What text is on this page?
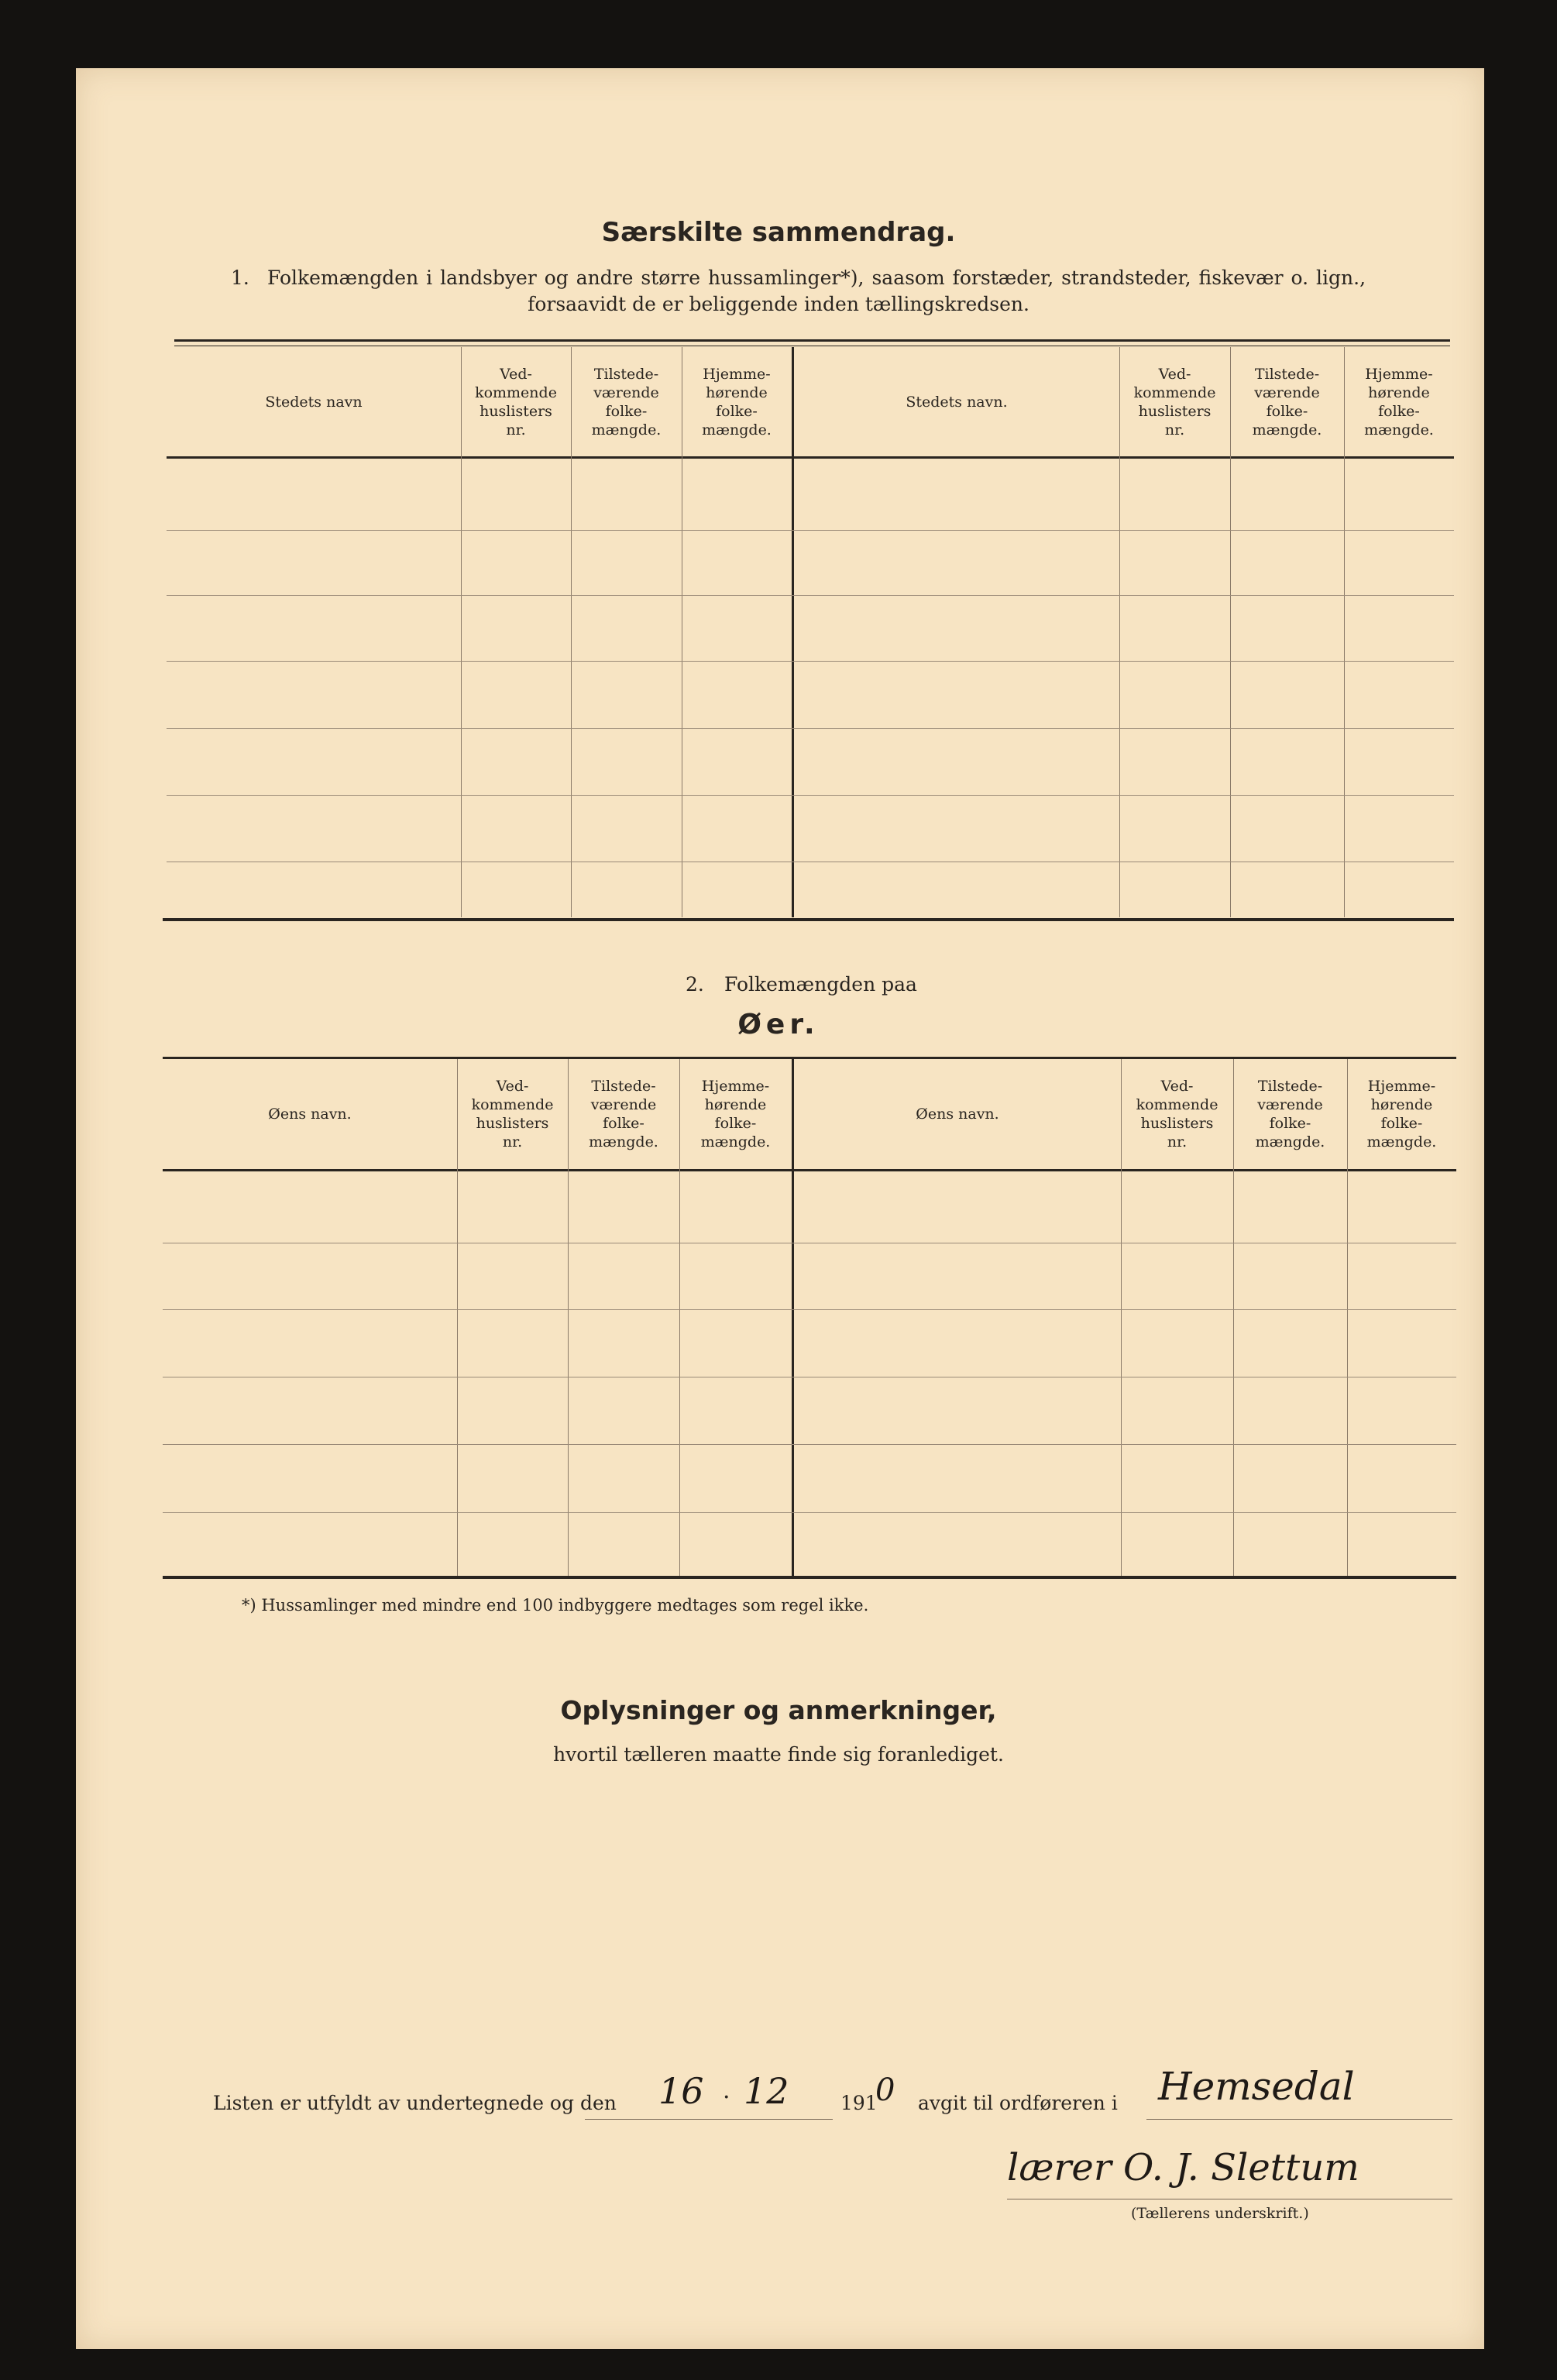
Særskilte sammendrag.
1. Folkemængden i landsbyer og andre større hussamlinger*), saasom forstæder, strandsteder, fiskevær o. lign.,
forsaavidt de er beliggende inden tællingskredsen.
Stedets navn
Ved-
kommende
huslisters
nr.
Tilstede-
værende
folke-
mængde.
Hjemme-
hørende
folke-
mængde.
Stedets navn.
Ved-
kommende
huslisters
nr.
Tilstede-
værende
folke-
mængde.
Hjemme-
hørende
folke-
mængde.
2. Folkemængden paa
Øer.
Øens navn.
Ved-
kommende
huslisters
nr.
Tilstede-
værende
folke-
mængde.
Hjemme-
hørende
folke-
mængde.
Øens navn.
Ved-
kommende
huslisters
nr.
Tilstede-
værende
folke-
mængde.
Hjemme-
hørende
folke-
mængde.
*) Hussamlinger med mindre end 100 indbyggere medtages som regel ikke.
Oplysninger og anmerkninger,
hvortil tælleren maatte finde sig foranlediget.
Listen er utfyldt av undertegnede og den 16 · 12	191
0 avgit til ordføreren i Hemsedal
lærer O. J. Slettum
(Tællerens underskrift.)
